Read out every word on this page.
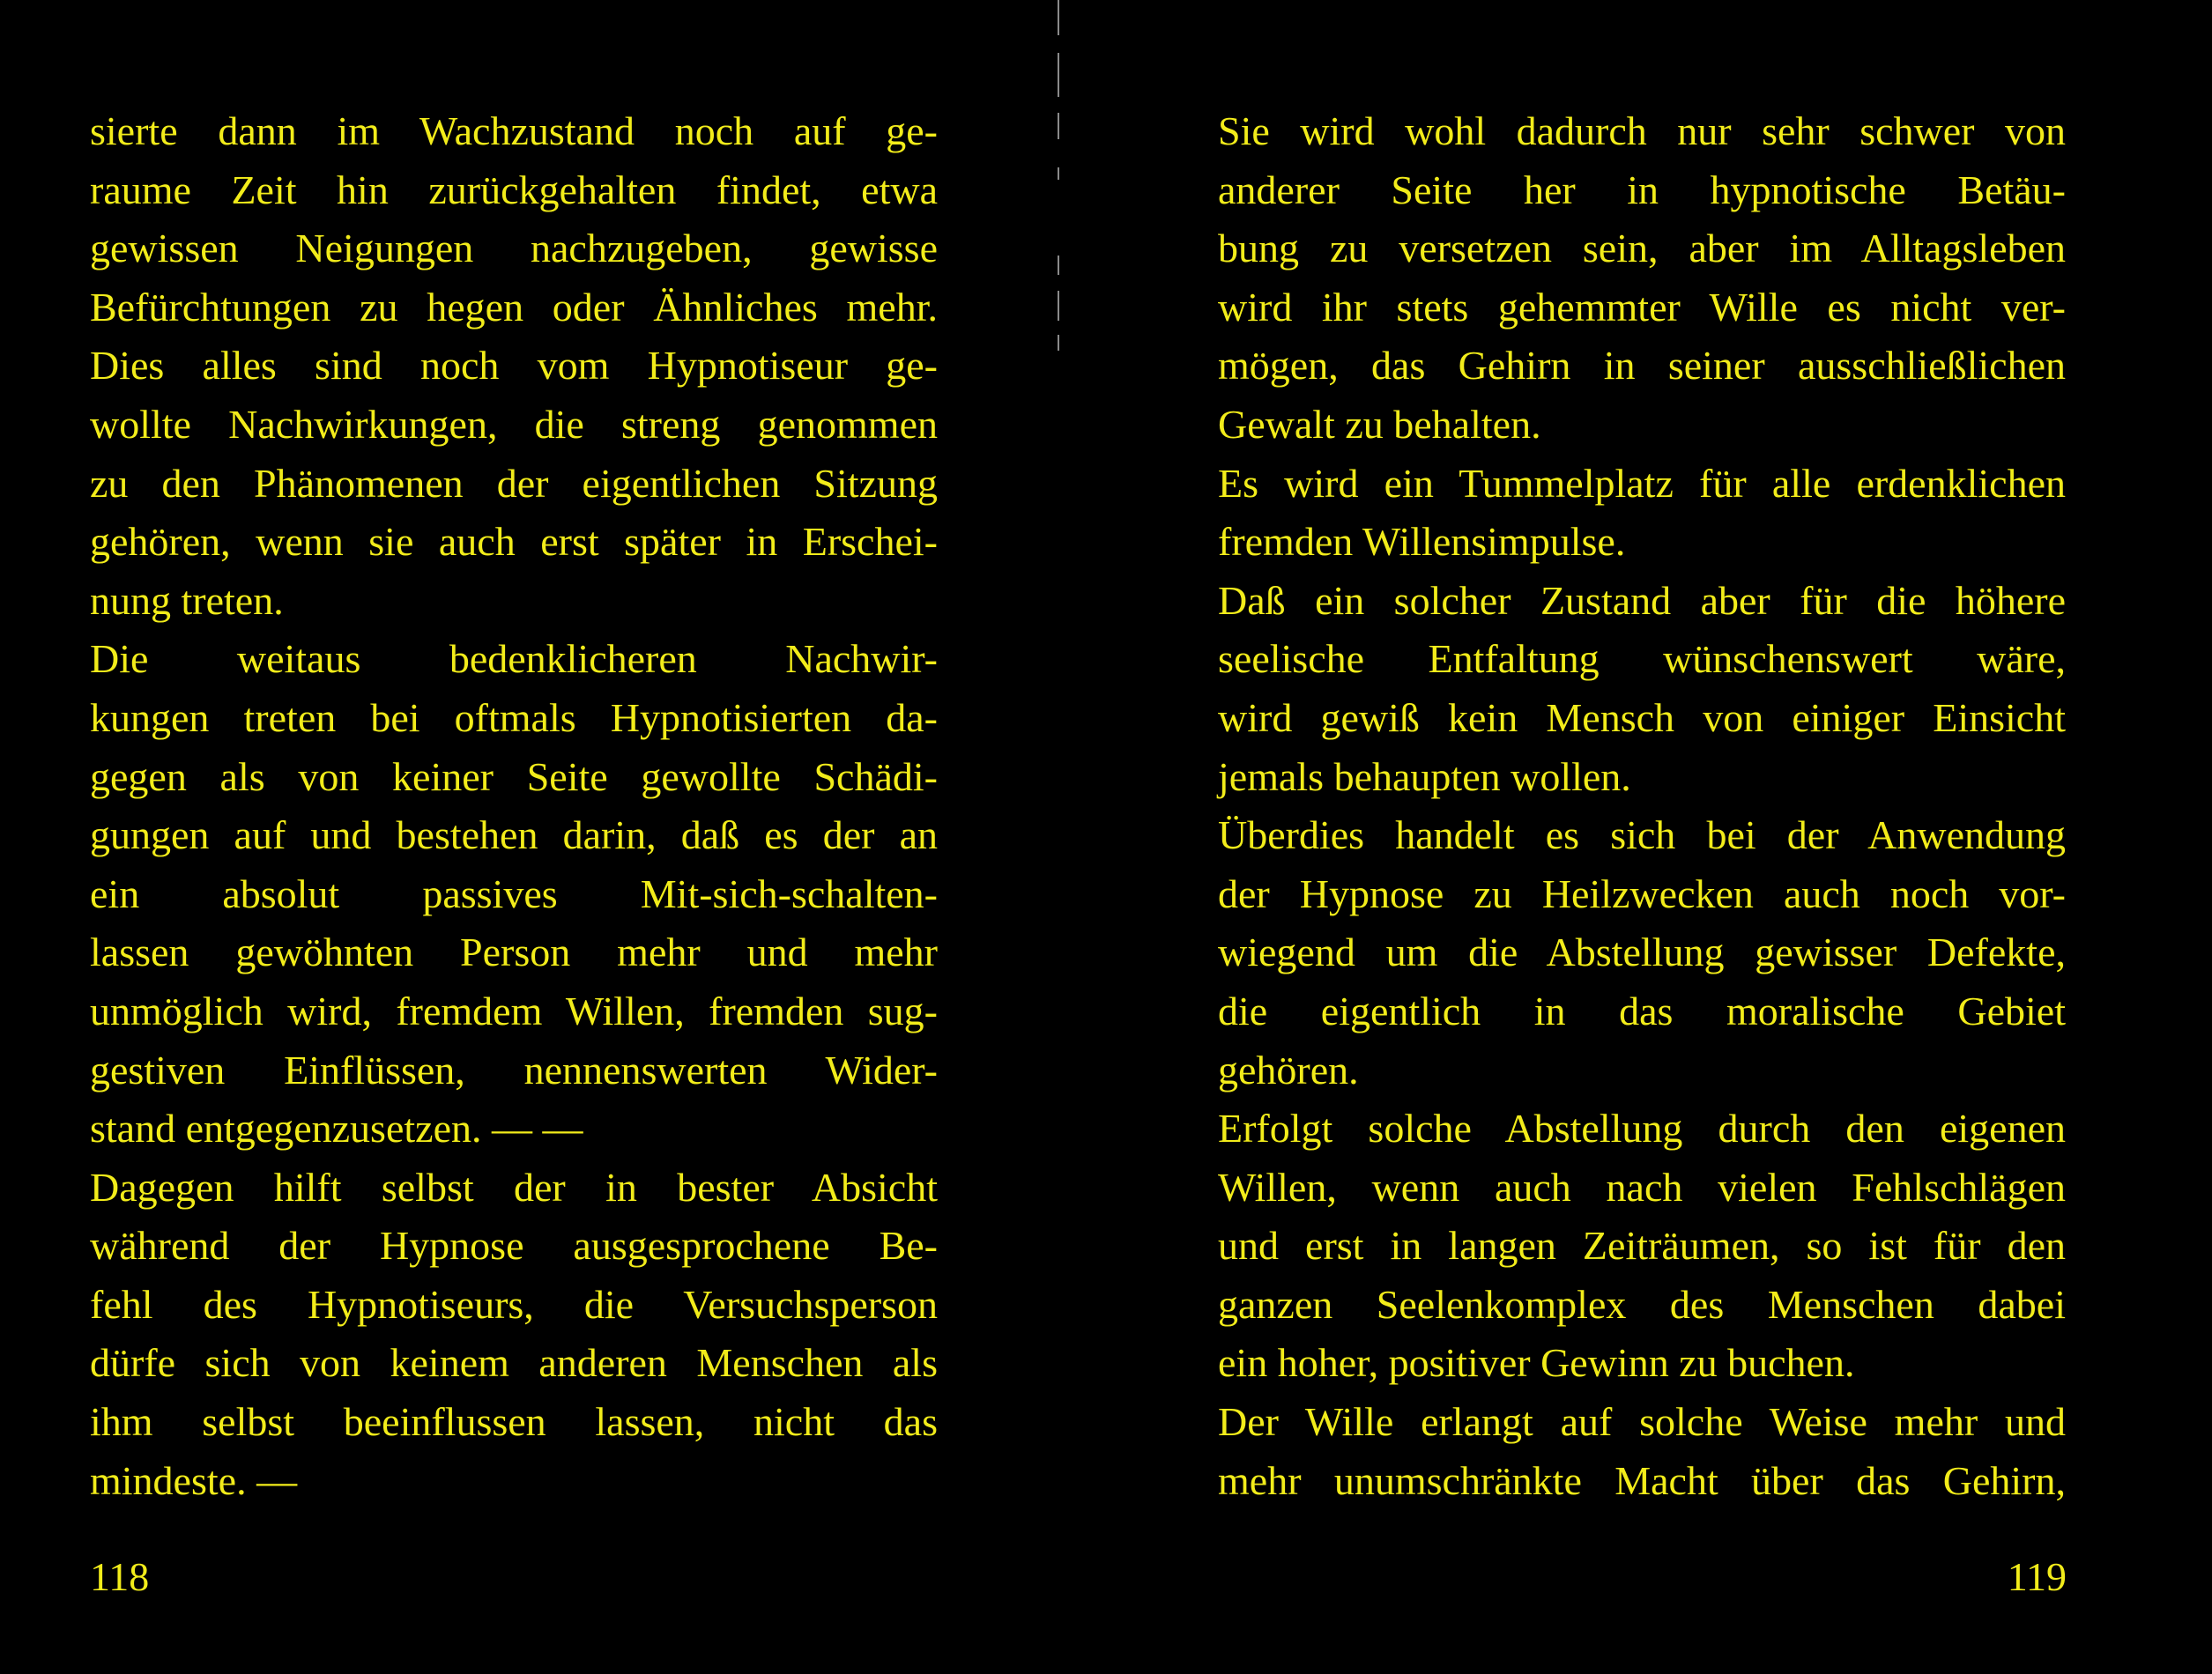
sierte dann im Wachzustand noch auf ge-
raume Zeit hin zurückgehalten findet, etwa
gewissen Neigungen nachzugeben, gewisse
Befürchtungen zu hegen oder Ähnliches mehr.
Dies alles sind noch vom Hypnotiseur ge-
wollte Nachwirkungen, die streng genommen
zu den Phänomenen der eigentlichen Sitzung
gehören, wenn sie auch erst später in Erschei-
nung treten.
Die weitaus bedenklicheren Nachwir-
kungen treten bei oftmals Hypnotisierten da-
gegen als von keiner Seite gewollte Schädi-
gungen auf und bestehen darin, daß es der an
ein absolut passives Mit-sich-schalten-
lassen gewöhnten Person mehr und mehr
unmöglich wird, fremdem Willen, fremden sug-
gestiven Einflüssen, nennenswerten Wider-
stand entgegenzusetzen. — —
Dagegen hilft selbst der in bester Absicht
während der Hypnose ausgesprochene Be-
fehl des Hypnotiseurs, die Versuchsperson
dürfe sich von keinem anderen Menschen als
ihm selbst beeinflussen lassen, nicht das
mindeste. —
118
Sie wird wohl dadurch nur sehr schwer von
anderer Seite her in hypnotische Betäu-
bung zu versetzen sein, aber im Alltagsleben
wird ihr stets gehemmter Wille es nicht ver-
mögen, das Gehirn in seiner ausschließlichen
Gewalt zu behalten.
Es wird ein Tummelplatz für alle erdenklichen
fremden Willensimpulse.
Daß ein solcher Zustand aber für die höhere
seelische Entfaltung wünschenswert wäre,
wird gewiß kein Mensch von einiger Einsicht
jemals behaupten wollen.
Überdies handelt es sich bei der Anwendung
der Hypnose zu Heilzwecken auch noch vor-
wiegend um die Abstellung gewisser Defekte,
die eigentlich in das moralische Gebiet
gehören.
Erfolgt solche Abstellung durch den eigenen
Willen, wenn auch nach vielen Fehlschlägen
und erst in langen Zeiträumen, so ist für den
ganzen Seelenkomplex des Menschen dabei
ein hoher, positiver Gewinn zu buchen.
Der Wille erlangt auf solche Weise mehr und
mehr unumschränkte Macht über das Gehirn,
119
